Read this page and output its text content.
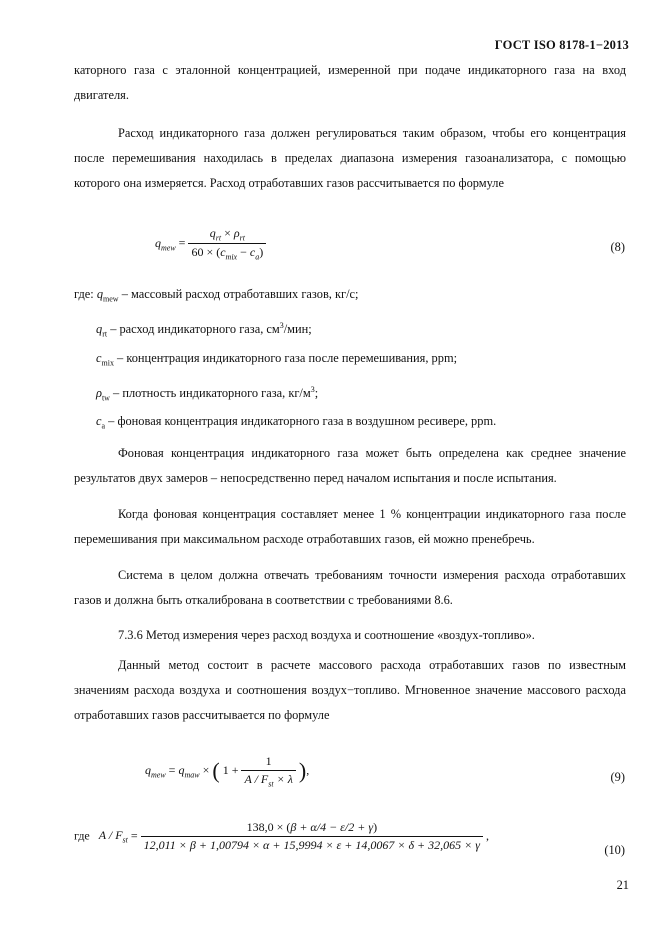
ГОСТ ISO 8178-1−2013

каторного газа с эталонной концентрацией, измеренной при подаче индикаторного газа на вход двигателя.

Расход индикаторного газа должен регулироваться таким образом, чтобы его концентрация после перемешивания находилась в пределах диапазона измерения газоанализатора, с помощью которого она измеряется. Расход отработавших газов рассчитывается по формуле

$q_{mew} = \frac{q_{rt} \times \rho_{rt}}{60 \times (c_{mix} - c_a)}$	(8)
где: $q_{mew}$ – массовый расход отработавших газов, кг/с;
$q_{rt}$ – расход индикаторного газа, $см^3$/мин;
$c_{mix}$ – концентрация индикаторного газа после перемешивания, ppm;
$\rho_{tw}$ – плотность индикаторного газа, $кг/м^3$;
$c_a$ – фоновая концентрация индикаторного газа в воздушном ресивере, ppm.

Фоновая концентрация индикаторного газа может быть определена как среднее значение результатов двух замеров – непосредственно перед началом испытания и после испытания.

Когда фоновая концентрация составляет менее 1 % концентрации индикаторного газа после перемешивания при максимальном расходе отработавших газов, ей можно пренебречь.

Система в целом должна отвечать требованиям точности измерения расхода отработавших газов и должна быть откалибрована в соответствии с требованиями 8.6.

7.3.6 Метод измерения через расход воздуха и соотношение «воздух-топливо».

Данный метод состоит в расчете массового расхода отработавших газов по известным значениям расхода воздуха и соотношения воздух−топливо. Мгновенное значение массового расхода отработавших газов рассчитывается по формуле

$q_{mew} = q_{maw}$ × ( $1 + \frac{1}{A / F_{st} \times \lambda}$ ),
(9)
где A / $F_{st}$ =
138,0 × (β + α/4 − ε/2 + γ)
12,011 × β + 1,00794 × α + 15,9994 × ε + 14,0067 × δ + 32,065 × γ
,
(10)
21
